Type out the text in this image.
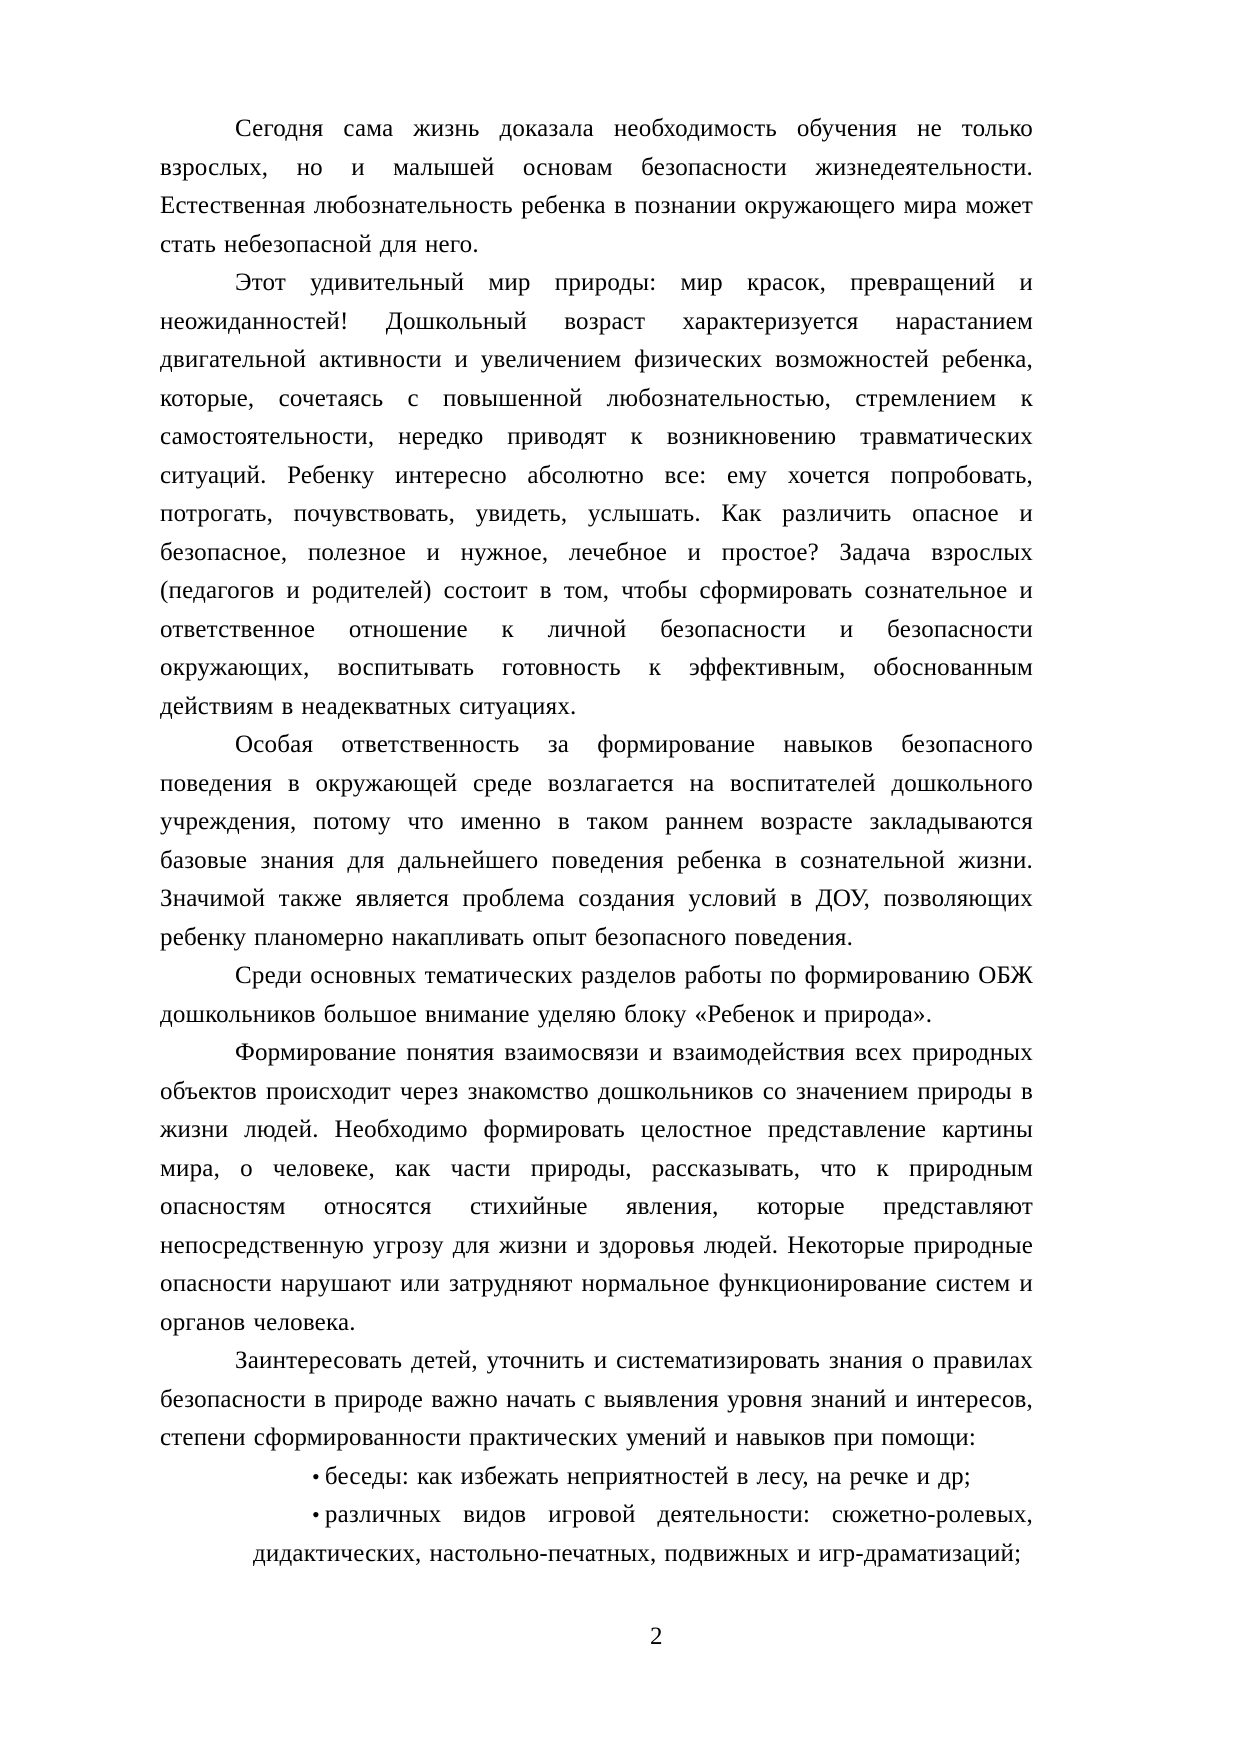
Сегодня сама жизнь доказала необходимость обучения не только взрослых, но и малышей основам безопасности жизнедеятельности. Естественная любознательность ребенка в познании окружающего мира может стать небезопасной для него.

Этот удивительный мир природы: мир красок, превращений и неожиданностей! Дошкольный возраст характеризуется нарастанием двигательной активности и увеличением физических возможностей ребенка, которые, сочетаясь с повышенной любознательностью, стремлением к самостоятельности, нередко приводят к возникновению травматических ситуаций. Ребенку интересно абсолютно все: ему хочется попробовать, потрогать, почувствовать, увидеть, услышать. Как различить опасное и безопасное, полезное и нужное, лечебное и простое? Задача взрослых (педагогов и родителей) состоит в том, чтобы сформировать сознательное и ответственное отношение к личной безопасности и безопасности окружающих, воспитывать готовность к эффективным, обоснованным действиям в неадекватных ситуациях.

Особая ответственность за формирование навыков безопасного поведения в окружающей среде возлагается на воспитателей дошкольного учреждения, потому что именно в таком раннем возрасте закладываются базовые знания для дальнейшего поведения ребенка в сознательной жизни. Значимой также является проблема создания условий в ДОУ, позволяющих ребенку планомерно накапливать опыт безопасного поведения.

Среди основных тематических разделов работы по формированию ОБЖ дошкольников большое внимание уделяю блоку «Ребенок и природа».

Формирование понятия взаимосвязи и взаимодействия всех природных объектов происходит через знакомство дошкольников со значением природы в жизни людей. Необходимо формировать целостное представление картины мира, о человеке, как части природы, рассказывать, что к природным опасностям относятся стихийные явления, которые представляют непосредственную угрозу для жизни и здоровья людей. Некоторые природные опасности нарушают или затрудняют нормальное функционирование систем и органов человека.

Заинтересовать детей, уточнить и систематизировать знания о правилах безопасности в природе важно начать с выявления уровня знаний и интересов, степени сформированности практических умений и навыков при помощи:

• беседы: как избежать неприятностей в лесу, на речке и др;
• различных видов игровой деятельности: сюжетно-ролевых, дидактических, настольно-печатных, подвижных и игр-драматизаций;
2
